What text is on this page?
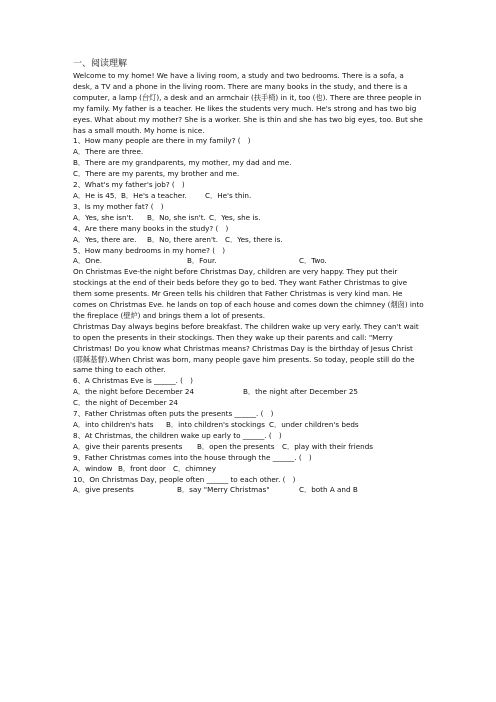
一、阅读理解

Welcome to my home! We have a living room, a study and two bedrooms. There is a sofa, a desk, a TV and a phone in the living room. There are many books in the study, and there is a computer, a lamp (台灯), a desk and an armchair (扶手椅) in it, too (也). There are three people in my family. My father is a teacher. He likes the students very much. He's strong and has two big eyes. What about my mother? She is a worker. She is thin and she has two big eyes, too. But she has a small mouth. My home is nice.

1、How many people are there in my family? (　)

A．There are three.

B．There are my grandparents, my mother, my dad and me.

C．There are my parents, my brother and me.

2、What's my father's job? (　)

A．He is 45． B．He's a teacher.	C．He's thin.

3、Is my mother fat? (　)

A．Yes, she isn't.	B．No, she isn't. C．Yes, she is.

4、Are there many books in the study? (　)

A．Yes, there are.	B．No, there aren't. C．Yes, there is.

5、How many bedrooms in my home? (　)

A．One.	B．Four.	C．Two.

On Christmas Eve-the night before Christmas Day, children are very happy. They put their stockings at the end of their beds before they go to bed. They want Father Christmas to give them some presents. Mr Green tells his children that Father Christmas is very kind man. He comes on Christmas Eve. he lands on top of each house and comes down the chimney (烟囱) into the fireplace (壁炉) and brings them a lot of presents.

Christmas Day always begins before breakfast. The children wake up very early. They can't wait to open the presents in their stockings. Then they wake up their parents and call: "Merry Christmas! Do you know what Christmas means? Christmas Day is the birthday of Jesus Christ (耶稣基督).When Christ was born, many people gave him presents. So today, people still do the same thing to each other.

6、A Christmas Eve is ______. (　)

A．the night before December 24	B．the night after December 25

C．the night of December 24

7、Father Christmas often puts the presents ______. (　)

A．into children's hats	B．into children's stockings C．under children's beds

8、At Christmas, the children wake up early to ______. (　)

A．give their parents presents	B．open the presents	C．play with their friends

9、Father Christmas comes into the house through the ______. (　)

A．window B．front door C．chimney

10、On Christmas Day, people often ______ to each other. (　)

A．give presents	B．say "Merry Christmas"	C．both A and B
